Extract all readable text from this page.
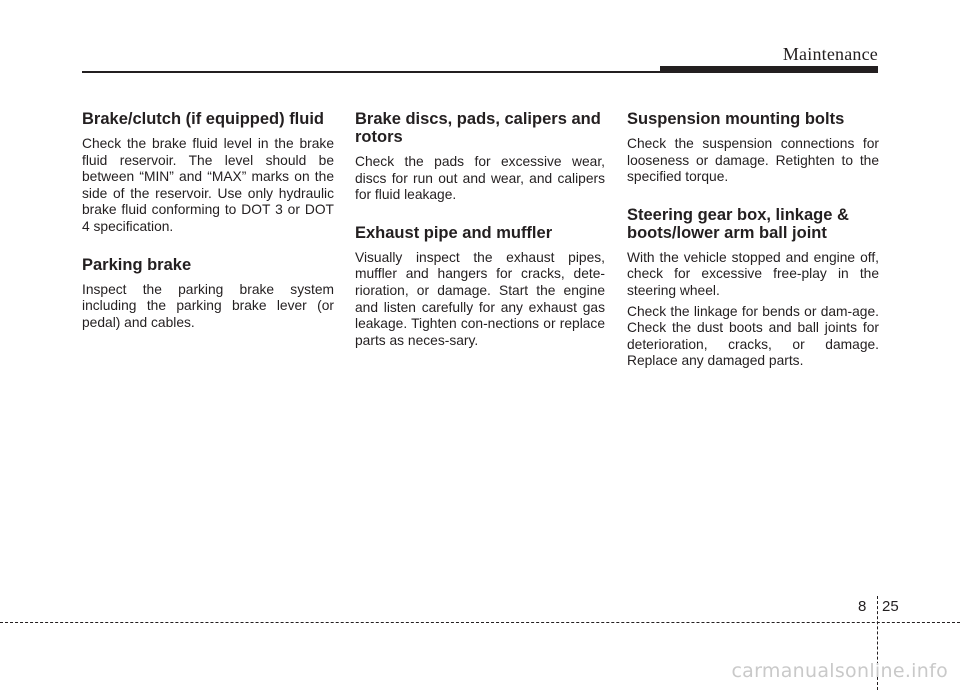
Maintenance
Brake/clutch (if equipped) fluid

Check the brake fluid level in the brake fluid reservoir. The level should be between “MIN” and “MAX” marks on the side of the reservoir. Use only hydraulic brake fluid conforming to DOT 3 or DOT 4 specification.

Parking brake

Inspect the parking brake system including the parking brake lever (or pedal) and cables.

Brake discs, pads, calipers and rotors

Check the pads for excessive wear, discs for run out and wear, and calipers for fluid leakage.

Exhaust pipe and muffler

Visually inspect the exhaust pipes, muffler and hangers for cracks, dete-rioration, or damage. Start the engine and listen carefully for any exhaust gas leakage. Tighten con-nections or replace parts as neces-sary.

Suspension mounting bolts

Check the suspension connections for looseness or damage. Retighten to the specified torque.

Steering gear box, linkage & boots/lower arm ball joint

With the vehicle stopped and engine off, check for excessive free-play in the steering wheel.

Check the linkage for bends or dam-age. Check the dust boots and ball joints for deterioration, cracks, or damage. Replace any damaged parts.

8 25
carmanualsonline.info
